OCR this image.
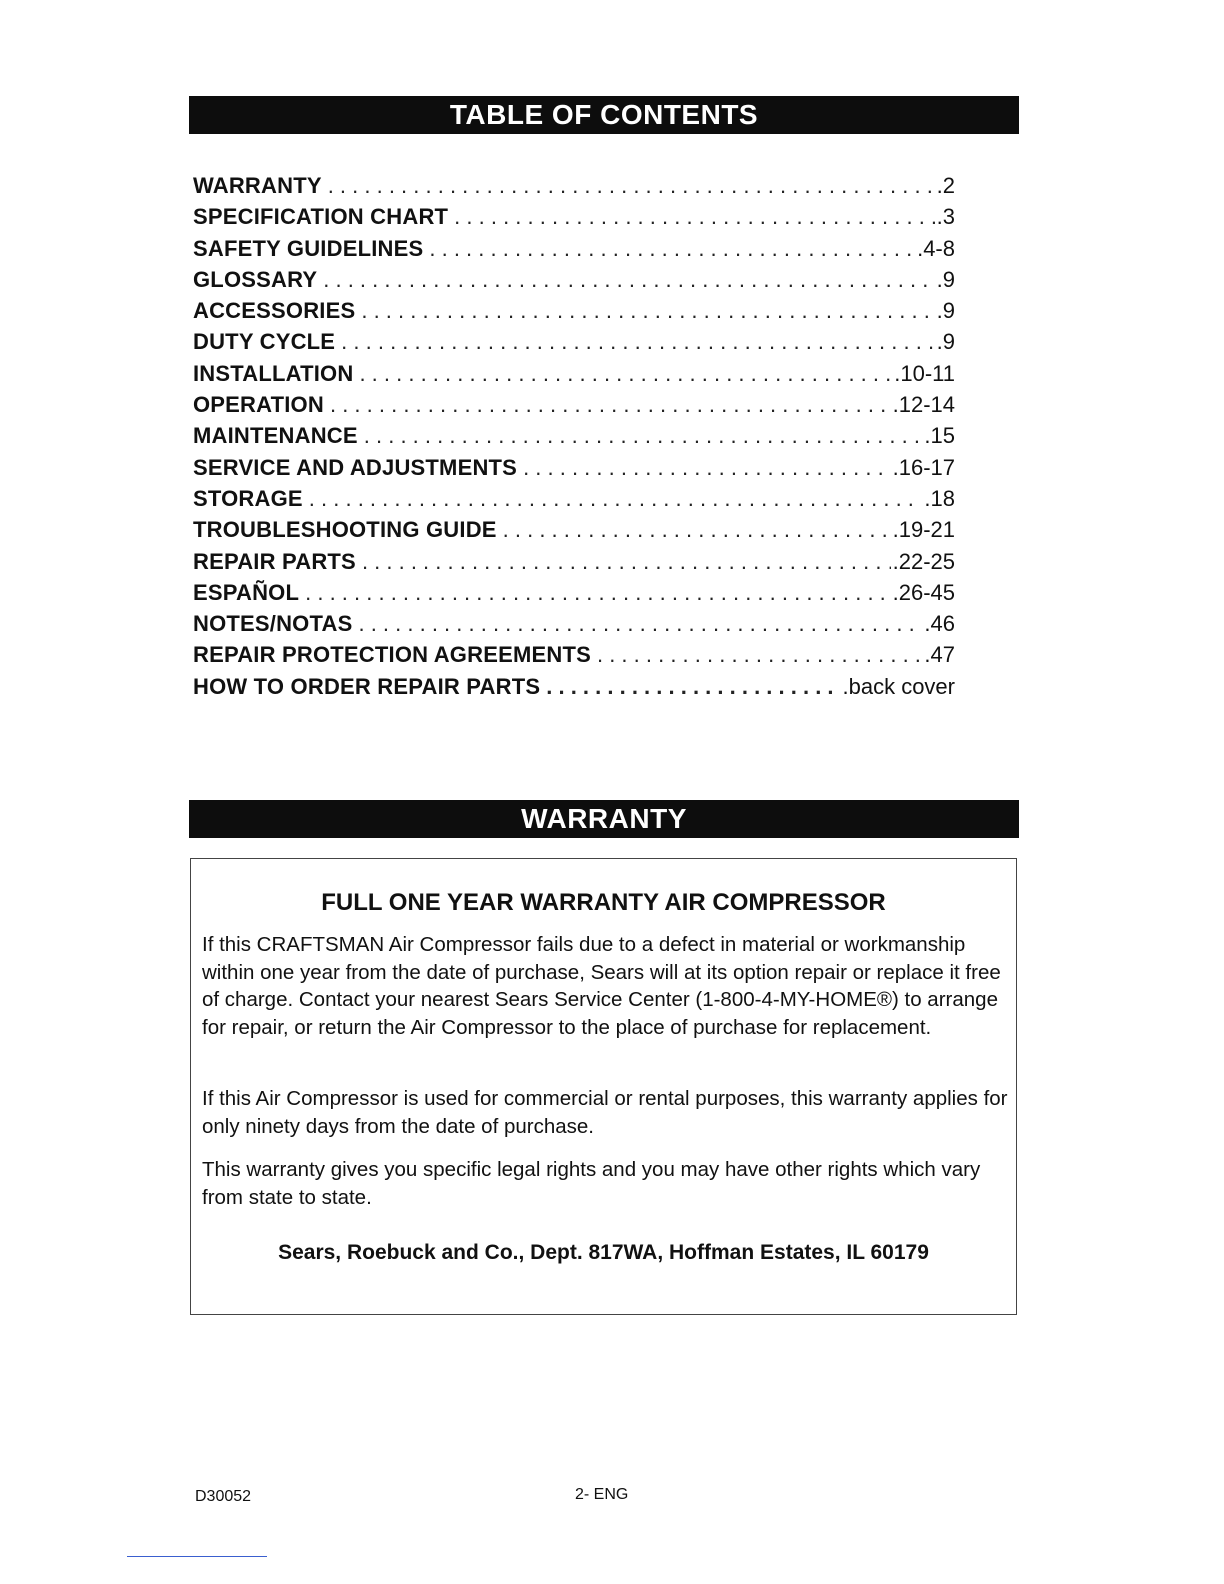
TABLE OF CONTENTS
WARRANTY . . .	.2
SPECIFICATION CHART . . .	.3
SAFETY GUIDELINES . . .	.4-8
GLOSSARY . . .	.9
ACCESSORIES . . .	.9
DUTY CYCLE . . .	.9
INSTALLATION . . .	.10-11
OPERATION . . .	.12-14
MAINTENANCE . . .	.15
SERVICE AND ADJUSTMENTS . . .	.16-17
STORAGE . . .	.18
TROUBLESHOOTING GUIDE . . .	.19-21
REPAIR PARTS . . .	.22-25
ESPAÑOL . . .	.26-45
NOTES/NOTAS . . .	.46
REPAIR PROTECTION AGREEMENTS . . .	.47
HOW TO ORDER REPAIR PARTS . . .	.back cover
WARRANTY
FULL ONE YEAR WARRANTY AIR COMPRESSOR

If this CRAFTSMAN Air Compressor fails due to a defect in material or workmanship within one year from the date of purchase, Sears will at its option repair or replace it free of charge. Contact your nearest Sears Service Center (1-800-4-MY-HOME®) to arrange for repair, or return the Air Compressor to the place of purchase for replacement.

If this Air Compressor is used for commercial or rental purposes, this warranty applies for only ninety days from the date of purchase.

This warranty gives you specific legal rights and you may have other rights which vary from state to state.

Sears, Roebuck and Co., Dept. 817WA, Hoffman Estates, IL 60179
D30052	2- ENG
